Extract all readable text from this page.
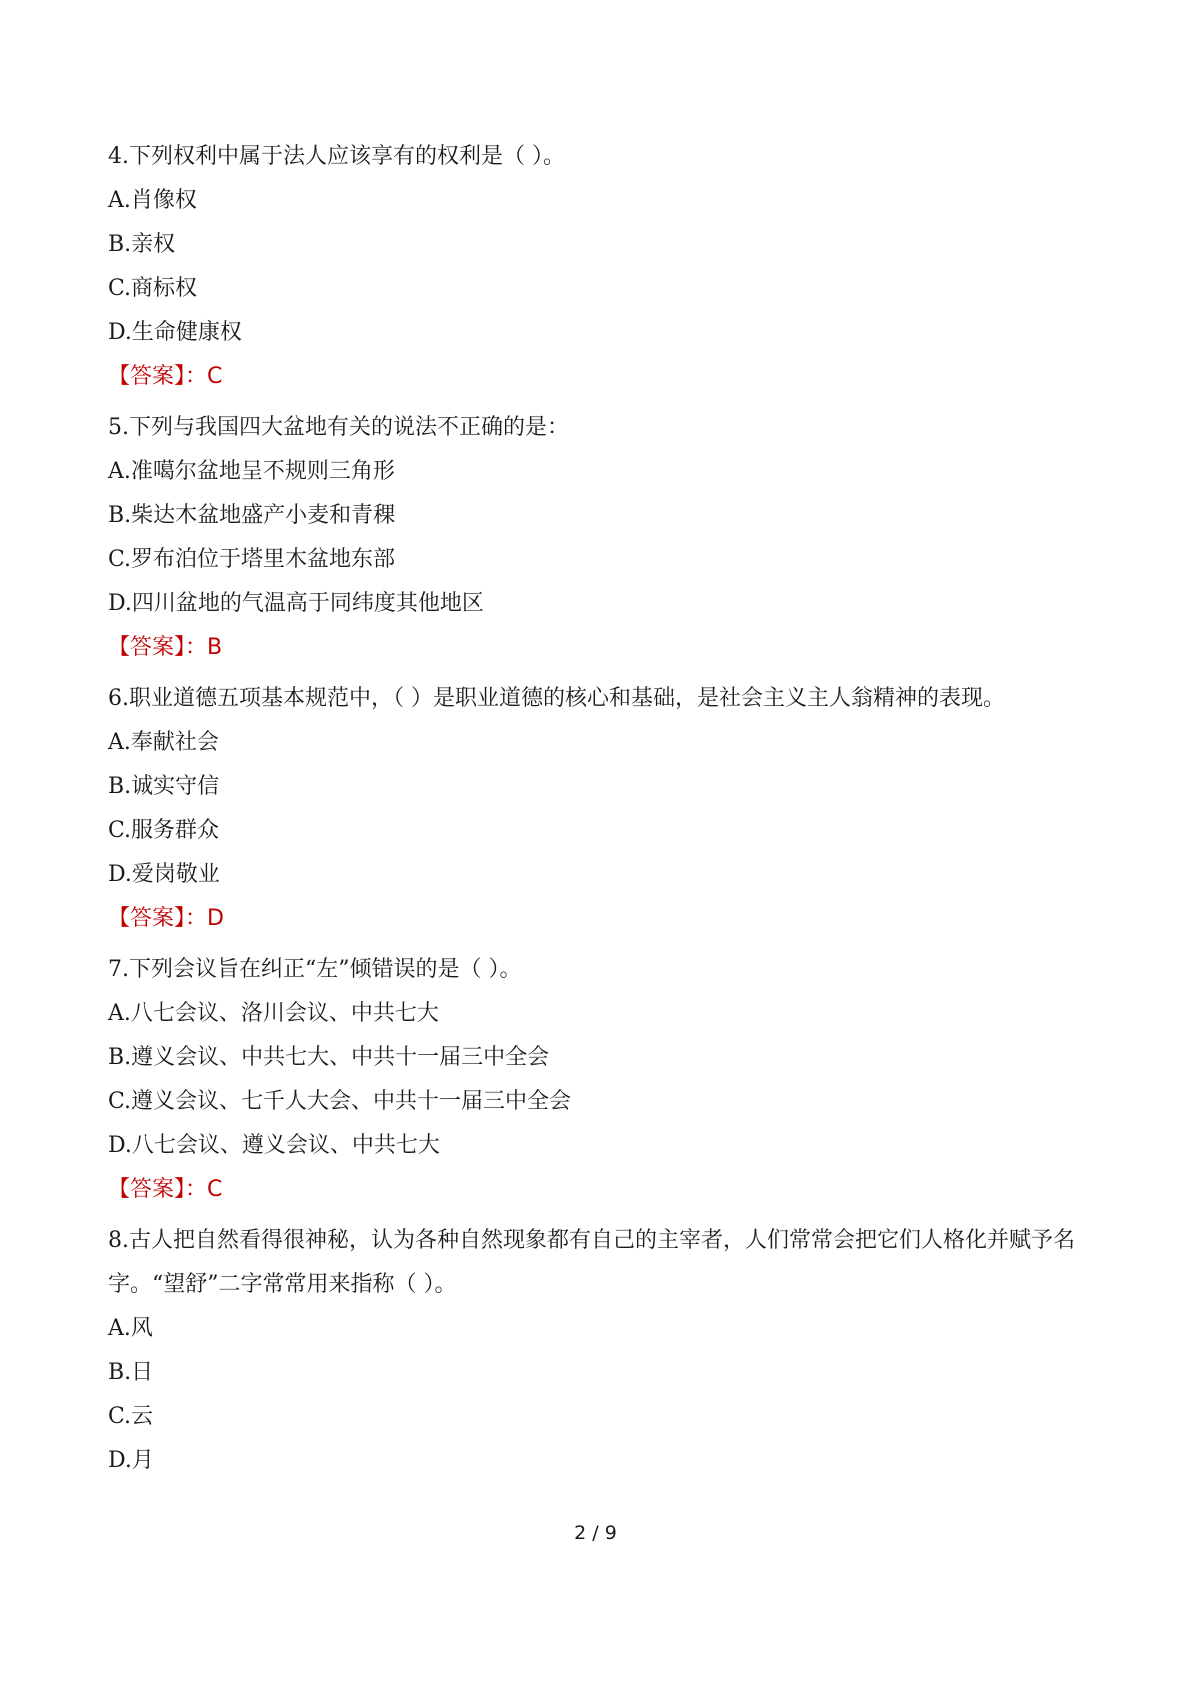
4.下列权利中属于法人应该享有的权利是（ ）。
A.肖像权
B.亲权
C.商标权
D.生命健康权
【答案】：C
5.下列与我国四大盆地有关的说法不正确的是：
A.准噶尔盆地呈不规则三角形
B.柴达木盆地盛产小麦和青稞
C.罗布泊位于塔里木盆地东部
D.四川盆地的气温高于同纬度其他地区
【答案】：B
6.职业道德五项基本规范中，（ ）是职业道德的核心和基础，是社会主义主人翁精神的表现。
A.奉献社会
B.诚实守信
C.服务群众
D.爱岗敬业
【答案】：D
7.下列会议旨在纠正“左”倾错误的是（ ）。
A.八七会议、洛川会议、中共七大
B.遵义会议、中共七大、中共十一届三中全会
C.遵义会议、七千人大会、中共十一届三中全会
D.八七会议、遵义会议、中共七大
【答案】：C
8.古人把自然看得很神秘，认为各种自然现象都有自己的主宰者，人们常常会把它们人格化并赋予名字。“望舒”二字常常用来指称（ ）。
A.风
B.日
C.云
D.月
2 / 9
